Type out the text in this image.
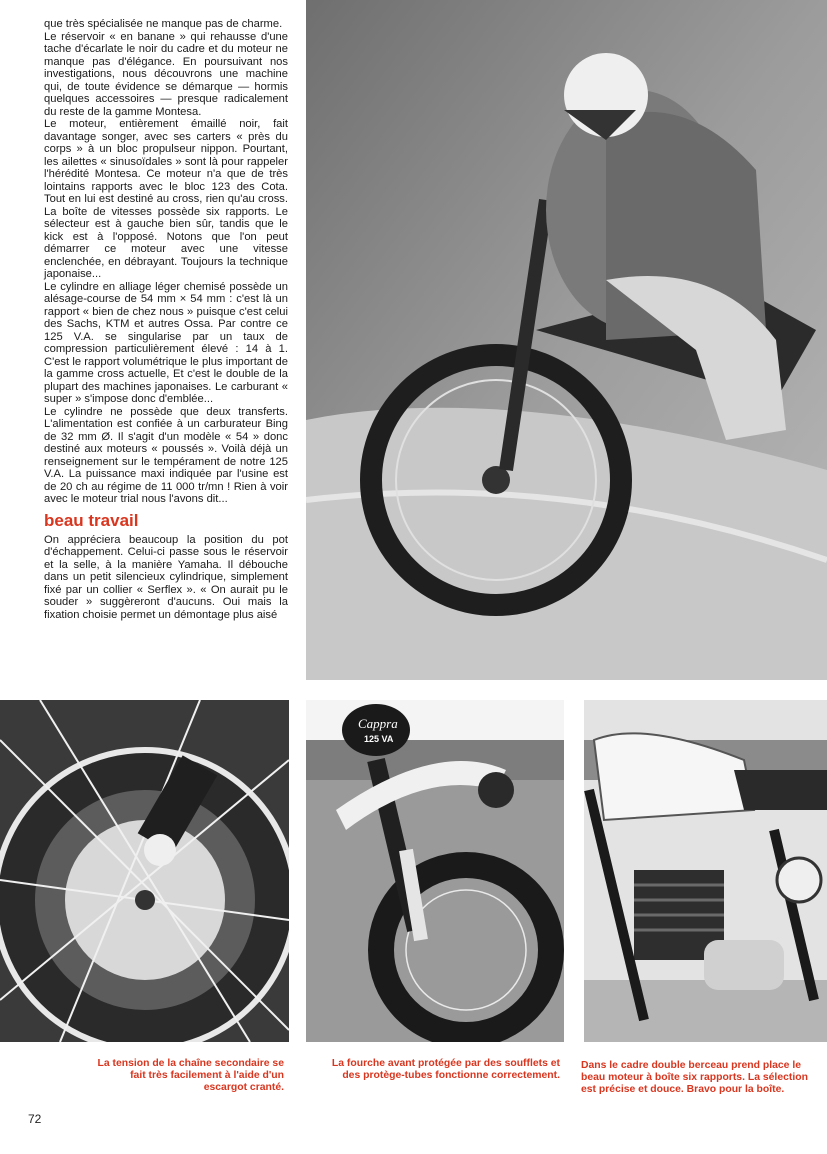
que très spécialisée ne manque pas de charme.

Le réservoir « en banane » qui rehausse d'une tache d'écarlate le noir du cadre et du moteur ne manque pas d'élégance. En poursuivant nos investigations, nous découvrons une machine qui, de toute évidence se démarque — hormis quelques accessoires — presque radicalement du reste de la gamme Montesa.

Le moteur, entièrement émaillé noir, fait davantage songer, avec ses carters « près du corps » à un bloc propulseur nippon. Pourtant, les ailettes « sinusoïdales » sont là pour rappeler l'hérédité Montesa. Ce moteur n'a que de très lointains rapports avec le bloc 123 des Cota. Tout en lui est destiné au cross, rien qu'au cross. La boîte de vitesses possède six rapports. Le sélecteur est à gauche bien sûr, tandis que le kick est à l'opposé. Notons que l'on peut démarrer ce moteur avec une vitesse enclenchée, en débrayant. Toujours la technique japonaise...

Le cylindre en alliage léger chemisé possède un alésage-course de 54 mm × 54 mm : c'est là un rapport « bien de chez nous » puisque c'est celui des Sachs, KTM et autres Ossa. Par contre ce 125 V.A. se singularise par un taux de compression particulièrement élevé : 14 à 1. C'est le rapport volumétrique le plus important de la gamme cross actuelle, Et c'est le double de la plupart des machines japonaises. Le carburant « super » s'impose donc d'emblée...

Le cylindre ne possède que deux transferts. L'alimentation est confiée à un carburateur Bing de 32 mm Ø. Il s'agit d'un modèle « 54 » donc destiné aux moteurs « poussés ». Voilà déjà un renseignement sur le tempérament de notre 125 V.A. La puissance maxi indiquée par l'usine est de 20 ch au régime de 11 000 tr/mn ! Rien à voir avec le moteur trial nous l'avons dit...

beau travail

On appréciera beaucoup la position du pot d'échappement. Celui-ci passe sous le réservoir et la selle, à la manière Yamaha. Il débouche dans un petit silencieux cylindrique, simplement fixé par un collier « Serflex ». « On aurait pu le souder » suggèreront d'aucuns. Oui mais la fixation choisie permet un démontage plus aisé

Cappra
125 VA
La tension de la chaîne secondaire se fait très facilement à l'aide d'un escargot cranté.
La fourche avant protégée par des soufflets et des protège-tubes fonctionne correctement.
Dans le cadre double berceau prend place le beau moteur à boîte six rapports. La sélection est précise et douce. Bravo pour la boîte.
72
